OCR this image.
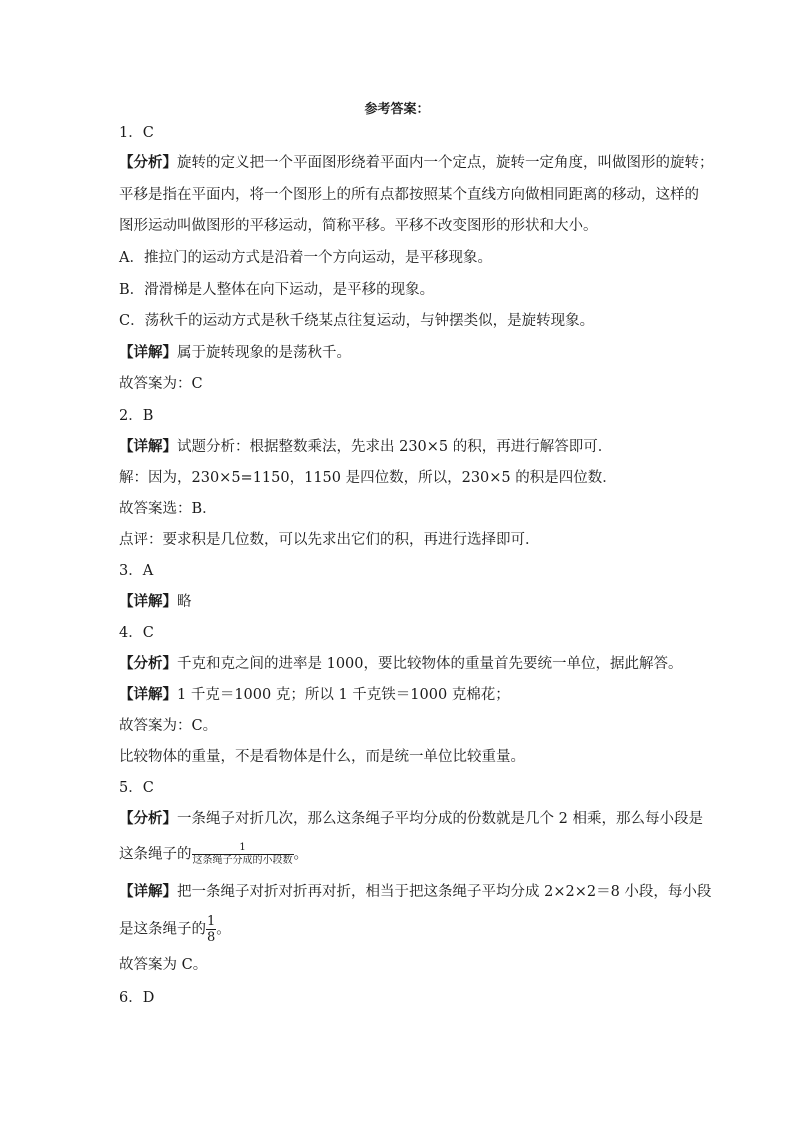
参考答案：
1．C
【分析】旋转的定义把一个平面图形绕着平面内一个定点，旋转一定角度，叫做图形的旋转；
平移是指在平面内，将一个图形上的所有点都按照某个直线方向做相同距离的移动，这样的
图形运动叫做图形的平移运动，简称平移。平移不改变图形的形状和大小。
A．推拉门的运动方式是沿着一个方向运动，是平移现象。
B．滑滑梯是人整体在向下运动，是平移的现象。
C．荡秋千的运动方式是秋千绕某点往复运动，与钟摆类似，是旋转现象。
【详解】属于旋转现象的是荡秋千。
故答案为：C
2．B
【详解】试题分析：根据整数乘法，先求出 230×5 的积，再进行解答即可．
解：因为，230×5=1150，1150 是四位数，所以，230×5 的积是四位数．
故答案选：B．
点评：要求积是几位数，可以先求出它们的积，再进行选择即可．
3．A
【详解】略
4．C
【分析】千克和克之间的进率是 1000，要比较物体的重量首先要统一单位，据此解答。
【详解】1 千克＝1000 克；所以 1 千克铁＝1000 克棉花；
故答案为：C。
比较物体的重量，不是看物体是什么，而是统一单位比较重量。
5．C
【分析】一条绳子对折几次，那么这条绳子平均分成的份数就是几个 2 相乘，那么每小段是
这条绳子的 $\frac{1}{\text{这条绳子分成的小段数}}$ 。
【详解】把一条绳子对折对折再对折，相当于把这条绳子平均分成 2×2×2＝8 小段，每小段
是这条绳子的 $\frac{1}{8}$ 。
故答案为 C。
6．D
